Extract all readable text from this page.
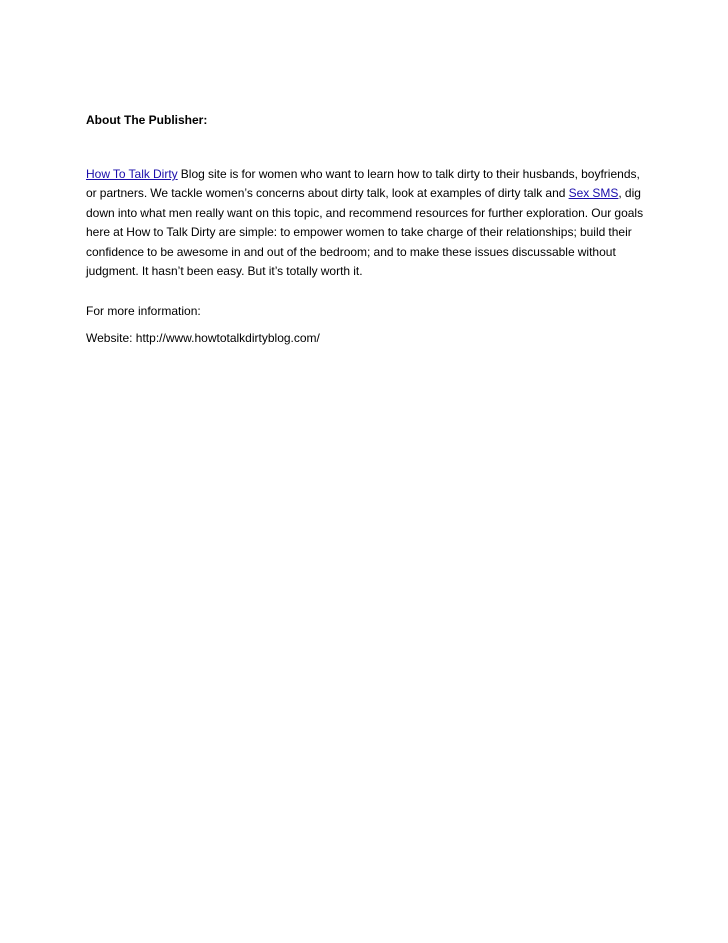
About The Publisher:

How To Talk Dirty Blog site is for women who want to learn how to talk dirty to their husbands, boyfriends,
or partners. We tackle women’s concerns about dirty talk, look at examples of dirty talk and Sex SMS, dig
down into what men really want on this topic, and recommend resources for further exploration. Our goals
here at How to Talk Dirty are simple: to empower women to take charge of their relationships; build their
confidence to be awesome in and out of the bedroom; and to make these issues discussable without
judgment. It hasn’t been easy. But it’s totally worth it.

For more information:

Website: http://www.howtotalkdirtyblog.com/
